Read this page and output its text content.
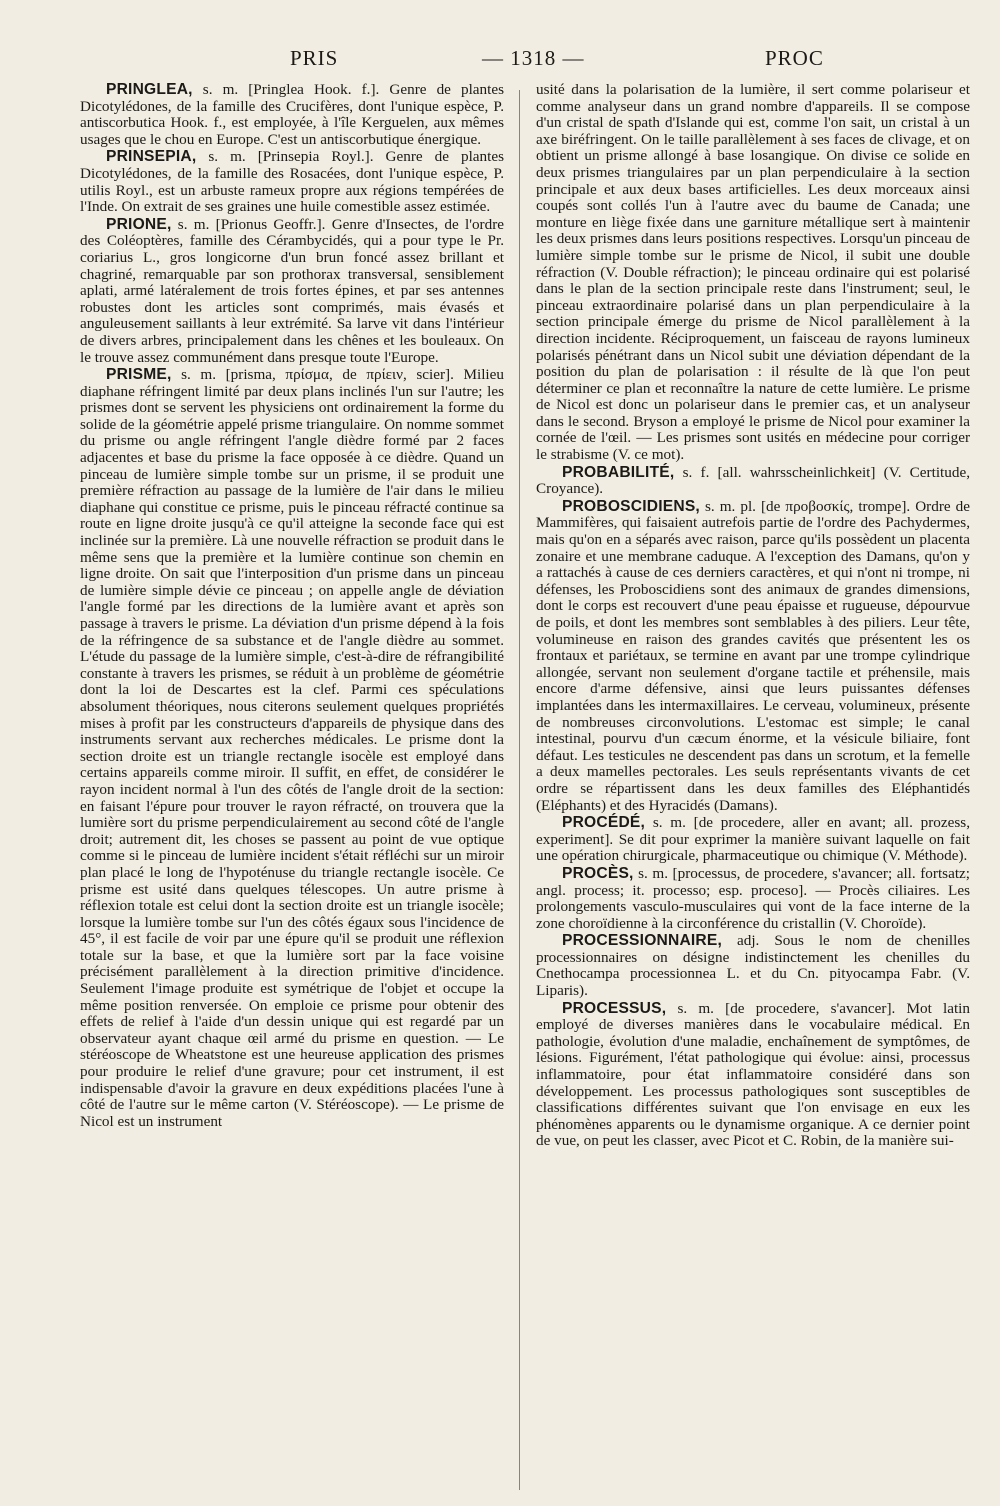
PRIS	— 1318 —	PROC

PRINGLEA, s. m. [Pringlea Hook. f.]. Genre de plantes Dicotylédones, de la famille des Crucifères, dont l'unique espèce, P. antiscorbutica Hook. f., est employée, à l'île Kerguelen, aux mêmes usages que le chou en Europe. C'est un antiscorbutique énergique.

PRINSEPIA, s. m. [Prinsepia Royl.]. Genre de plantes Dicotylédones, de la famille des Rosacées, dont l'unique espèce, P. utilis Royl., est un arbuste rameux propre aux régions tempérées de l'Inde. On extrait de ses graines une huile comestible assez estimée.

PRIONE, s. m. [Prionus Geoffr.]. Genre d'Insectes, de l'ordre des Coléoptères, famille des Cérambycidés, qui a pour type le Pr. coriarius L., gros longicorne d'un brun foncé assez brillant et chagriné, remarquable par son prothorax transversal, sensiblement aplati, armé latéralement de trois fortes épines, et par ses antennes robustes dont les articles sont comprimés, mais évasés et anguleusement saillants à leur extrémité. Sa larve vit dans l'intérieur de divers arbres, principalement dans les chênes et les bouleaux. On le trouve assez communément dans presque toute l'Europe.

PRISME, s. m. [prisma, πρίσμα, de πρίειν, scier]. Milieu diaphane réfringent limité par deux plans inclinés l'un sur l'autre; les prismes dont se servent les physiciens ont ordinairement la forme du solide de la géométrie appelé prisme triangulaire. On nomme sommet du prisme ou angle réfringent l'angle dièdre formé par 2 faces adjacentes et base du prisme la face opposée à ce dièdre. Quand un pinceau de lumière simple tombe sur un prisme, il se produit une première réfraction au passage de la lumière de l'air dans le milieu diaphane qui constitue ce prisme, puis le pinceau réfracté continue sa route en ligne droite jusqu'à ce qu'il atteigne la seconde face qui est inclinée sur la première. Là une nouvelle réfraction se produit dans le même sens que la première et la lumière continue son chemin en ligne droite. On sait que l'interposition d'un prisme dans un pinceau de lumière simple dévie ce pinceau ; on appelle angle de déviation l'angle formé par les directions de la lumière avant et après son passage à travers le prisme. La déviation d'un prisme dépend à la fois de la réfringence de sa substance et de l'angle dièdre au sommet. L'étude du passage de la lumière simple, c'est-à-dire de réfrangibilité constante à travers les prismes, se réduit à un problème de géométrie dont la loi de Descartes est la clef. Parmi ces spéculations absolument théoriques, nous citerons seulement quelques propriétés mises à profit par les constructeurs d'appareils de physique dans des instruments servant aux recherches médicales. Le prisme dont la section droite est un triangle rectangle isocèle est employé dans certains appareils comme miroir. Il suffit, en effet, de considérer le rayon incident normal à l'un des côtés de l'angle droit de la section: en faisant l'épure pour trouver le rayon réfracté, on trouvera que la lumière sort du prisme perpendiculairement au second côté de l'angle droit; autrement dit, les choses se passent au point de vue optique comme si le pinceau de lumière incident s'était réfléchi sur un miroir plan placé le long de l'hypoténuse du triangle rectangle isocèle. Ce prisme est usité dans quelques télescopes. Un autre prisme à réflexion totale est celui dont la section droite est un triangle isocèle; lorsque la lumière tombe sur l'un des côtés égaux sous l'incidence de 45°, il est facile de voir par une épure qu'il se produit une réflexion totale sur la base, et que la lumière sort par la face voisine précisément parallèlement à la direction primitive d'incidence. Seulement l'image produite est symétrique de l'objet et occupe la même position renversée. On emploie ce prisme pour obtenir des effets de relief à l'aide d'un dessin unique qui est regardé par un observateur ayant chaque œil armé du prisme en question. — Le stéréoscope de Wheatstone est une heureuse application des prismes pour produire le relief d'une gravure; pour cet instrument, il est indispensable d'avoir la gravure en deux expéditions placées l'une à côté de l'autre sur le même carton (V. Stéréoscope). — Le prisme de Nicol est un instrument

usité dans la polarisation de la lumière, il sert comme polariseur et comme analyseur dans un grand nombre d'appareils. Il se compose d'un cristal de spath d'Islande qui est, comme l'on sait, un cristal à un axe biréfringent. On le taille parallèlement à ses faces de clivage, et on obtient un prisme allongé à base losangique. On divise ce solide en deux prismes triangulaires par un plan perpendiculaire à la section principale et aux deux bases artificielles. Les deux morceaux ainsi coupés sont collés l'un à l'autre avec du baume de Canada; une monture en liège fixée dans une garniture métallique sert à maintenir les deux prismes dans leurs positions respectives. Lorsqu'un pinceau de lumière simple tombe sur le prisme de Nicol, il subit une double réfraction (V. Double réfraction); le pinceau ordinaire qui est polarisé dans le plan de la section principale reste dans l'instrument; seul, le pinceau extraordinaire polarisé dans un plan perpendiculaire à la section principale émerge du prisme de Nicol parallèlement à la direction incidente. Réciproquement, un faisceau de rayons lumineux polarisés pénétrant dans un Nicol subit une déviation dépendant de la position du plan de polarisation : il résulte de là que l'on peut déterminer ce plan et reconnaître la nature de cette lumière. Le prisme de Nicol est donc un polariseur dans le premier cas, et un analyseur dans le second. Bryson a employé le prisme de Nicol pour examiner la cornée de l'œil. — Les prismes sont usités en médecine pour corriger le strabisme (V. ce mot).

PROBABILITÉ, s. f. [all. wahrsscheinlichkeit] (V. Certitude, Croyance).

PROBOSCIDIENS, s. m. pl. [de προβοσκίς, trompe]. Ordre de Mammifères, qui faisaient autrefois partie de l'ordre des Pachydermes, mais qu'on en a séparés avec raison, parce qu'ils possèdent un placenta zonaire et une membrane caduque. A l'exception des Damans, qu'on y a rattachés à cause de ces derniers caractères, et qui n'ont ni trompe, ni défenses, les Proboscidiens sont des animaux de grandes dimensions, dont le corps est recouvert d'une peau épaisse et rugueuse, dépourvue de poils, et dont les membres sont semblables à des piliers. Leur tête, volumineuse en raison des grandes cavités que présentent les os frontaux et pariétaux, se termine en avant par une trompe cylindrique allongée, servant non seulement d'organe tactile et préhensile, mais encore d'arme défensive, ainsi que leurs puissantes défenses implantées dans les intermaxillaires. Le cerveau, volumineux, présente de nombreuses circonvolutions. L'estomac est simple; le canal intestinal, pourvu d'un cæcum énorme, et la vésicule biliaire, font défaut. Les testicules ne descendent pas dans un scrotum, et la femelle a deux mamelles pectorales. Les seuls représentants vivants de cet ordre se répartissent dans les deux familles des Eléphantidés (Eléphants) et des Hyracidés (Damans).

PROCÉDÉ, s. m. [de procedere, aller en avant; all. prozess, experiment]. Se dit pour exprimer la manière suivant laquelle on fait une opération chirurgicale, pharmaceutique ou chimique (V. Méthode).

PROCÈS, s. m. [processus, de procedere, s'avancer; all. fortsatz; angl. process; it. processo; esp. proceso]. — Procès ciliaires. Les prolongements vasculo-musculaires qui vont de la face interne de la zone choroïdienne à la circonférence du cristallin (V. Choroïde).

PROCESSIONNAIRE, adj. Sous le nom de chenilles processionnaires on désigne indistinctement les chenilles du Cnethocampa processionnea L. et du Cn. pityocampa Fabr. (V. Liparis).

PROCESSUS, s. m. [de procedere, s'avancer]. Mot latin employé de diverses manières dans le vocabulaire médical. En pathologie, évolution d'une maladie, enchaînement de symptômes, de lésions. Figurément, l'état pathologique qui évolue: ainsi, processus inflammatoire, pour état inflammatoire considéré dans son développement. Les processus pathologiques sont susceptibles de classifications différentes suivant que l'on envisage en eux les phénomènes apparents ou le dynamisme organique. A ce dernier point de vue, on peut les classer, avec Picot et C. Robin, de la manière sui-
